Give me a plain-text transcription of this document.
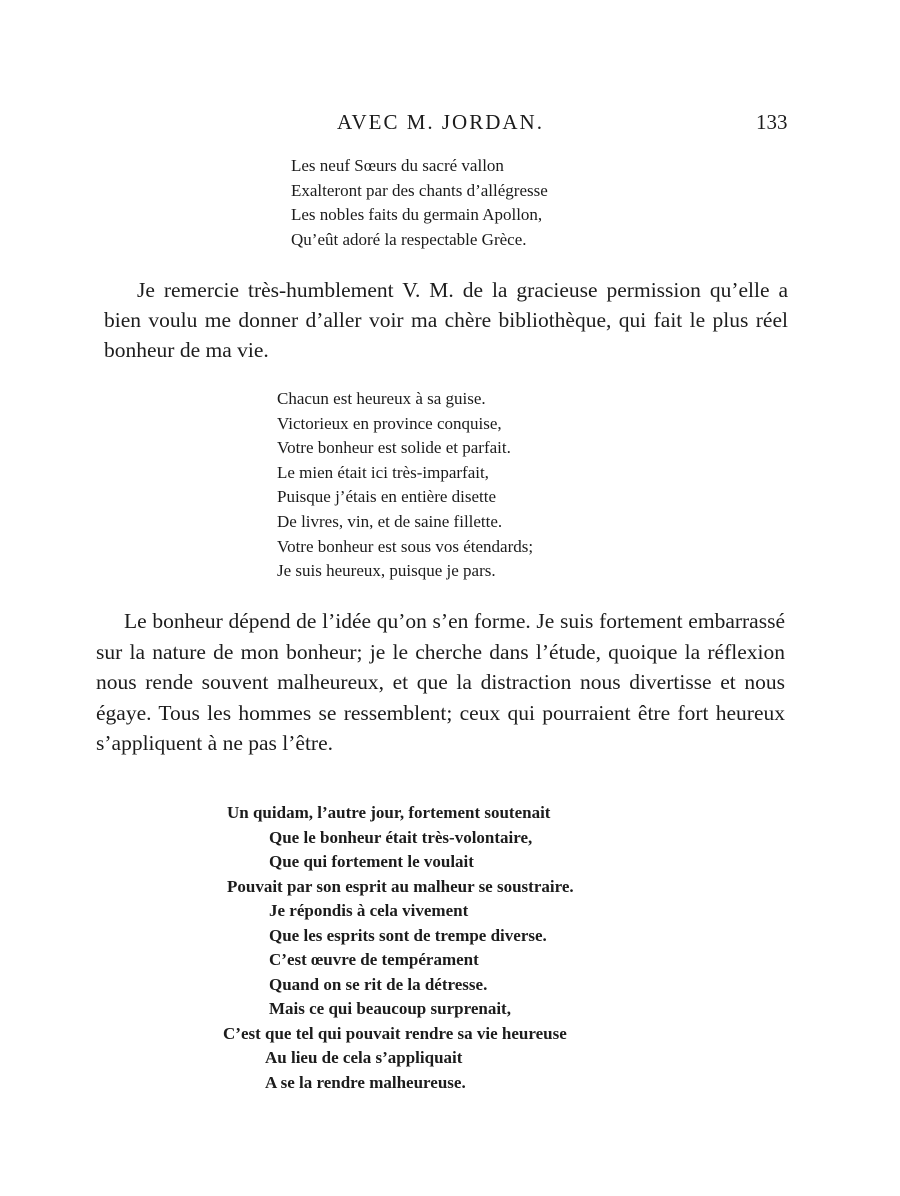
AVEC M. JORDAN.	133
Les neuf Sœurs du sacré vallon
Exalteront par des chants d’allégresse
Les nobles faits du germain Apollon,
Qu’eût adoré la respectable Grèce.

Je remercie très-humblement V. M. de la gracieuse permission qu’elle a bien voulu me donner d’aller voir ma chère bibliothèque, qui fait le plus réel bonheur de ma vie.

Chacun est heureux à sa guise.
Victorieux en province conquise,
Votre bonheur est solide et parfait.
Le mien était ici très-imparfait,
Puisque j’étais en entière disette
De livres, vin, et de saine fillette.
Votre bonheur est sous vos étendards;
Je suis heureux, puisque je pars.

Le bonheur dépend de l’idée qu’on s’en forme. Je suis fortement embarrassé sur la nature de mon bonheur; je le cherche dans l’étude, quoique la réflexion nous rende souvent malheureux, et que la distraction nous divertisse et nous égaye. Tous les hommes se ressemblent; ceux qui pourraient être fort heureux s’appliquent à ne pas l’être.

Un quidam, l’autre jour, fortement soutenait
Que le bonheur était très-volontaire,
Que qui fortement le voulait
Pouvait par son esprit au malheur se soustraire.
Je répondis à cela vivement
Que les esprits sont de trempe diverse.
C’est œuvre de tempérament
Quand on se rit de la détresse.
Mais ce qui beaucoup surprenait,
C’est que tel qui pouvait rendre sa vie heureuse
Au lieu de cela s’appliquait
A se la rendre malheureuse.
